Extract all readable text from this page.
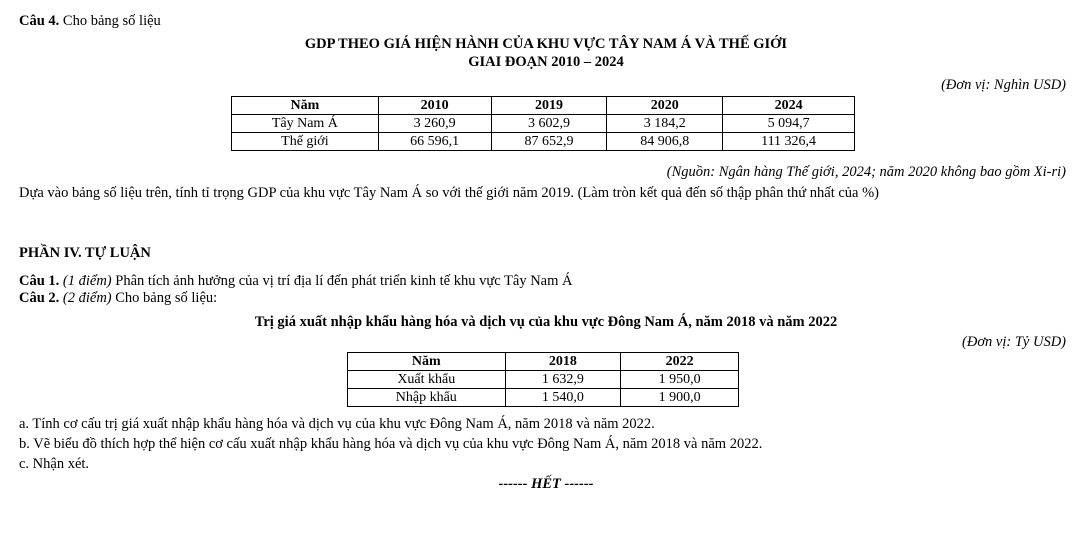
Câu 4. Cho bảng số liệu
GDP THEO GIÁ HIỆN HÀNH CỦA KHU VỰC TÂY NAM Á VÀ THẾ GIỚI
GIAI ĐOẠN 2010 – 2024
(Đơn vị: Nghìn USD)
Năm	2010	2019	2020	2024
Tây Nam Á	3 260,9	3 602,9	3 184,2	5 094,7
Thế giới	66 596,1	87 652,9	84 906,8	111 326,4
(Nguồn: Ngân hàng Thế giới, 2024; năm 2020 không bao gồm Xi-ri)
Dựa vào bảng số liệu trên, tính tỉ trọng GDP của khu vực Tây Nam Á so với thế giới năm 2019. (Làm tròn kết quả đến số thập phân thứ nhất của %)
PHẦN IV. TỰ LUẬN
Câu 1. (1 điểm) Phân tích ảnh hưởng của vị trí địa lí đến phát triển kinh tế khu vực Tây Nam Á
Câu 2. (2 điểm) Cho bảng số liệu:
Trị giá xuất nhập khẩu hàng hóa và dịch vụ của khu vực Đông Nam Á, năm 2018 và năm 2022
(Đơn vị: Tỷ USD)
Năm	2018	2022
Xuất khẩu	1 632,9	1 950,0
Nhập khẩu	1 540,0	1 900,0
a. Tính cơ cấu trị giá xuất nhập khẩu hàng hóa và dịch vụ của khu vực Đông Nam Á, năm 2018 và năm 2022.
b. Vẽ biểu đồ thích hợp thể hiện cơ cấu xuất nhập khẩu hàng hóa và dịch vụ của khu vực Đông Nam Á, năm 2018 và năm 2022.
c. Nhận xét.
------ HẾT ------
